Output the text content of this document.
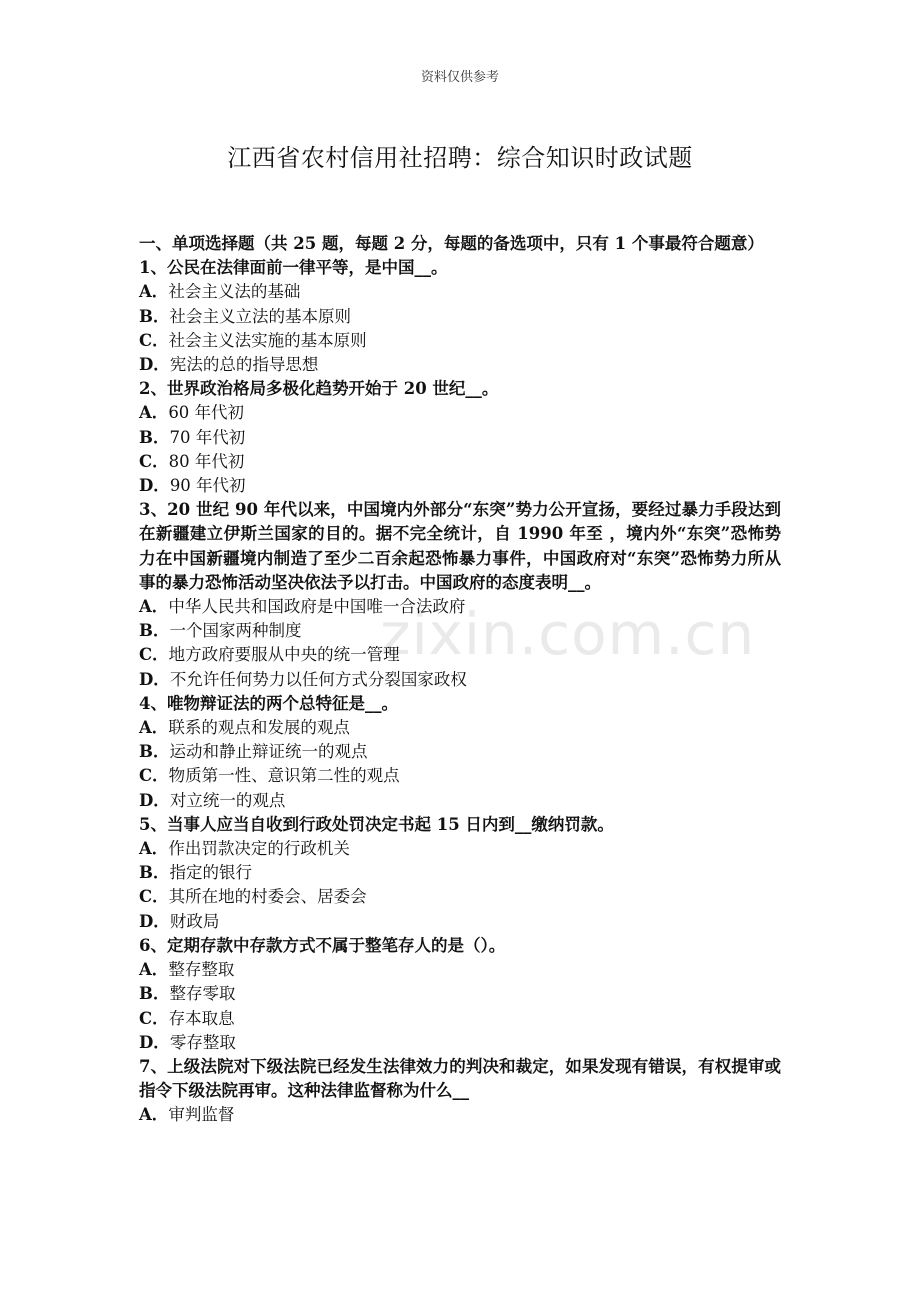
资料仅供参考
江西省农村信用社招聘：综合知识时政试题
zixin.com.cn
一、单项选择题（共 25 题，每题 2 分，每题的备选项中，只有 1 个事最符合题意）
1、公民在法律面前一律平等，是中国__。
A．社会主义法的基础
B．社会主义立法的基本原则
C．社会主义法实施的基本原则
D．宪法的总的指导思想
2、世界政治格局多极化趋势开始于 20 世纪__。
A．60 年代初
B．70 年代初
C．80 年代初
D．90 年代初
3、20 世纪 90 年代以来，中国境内外部分“东突”势力公开宣扬，要经过暴力手段达到在新疆建立伊斯兰国家的目的。据不完全统计，自 1990 年至 ，境内外“东突”恐怖势力在中国新疆境内制造了至少二百余起恐怖暴力事件，中国政府对“东突”恐怖势力所从事的暴力恐怖活动坚决依法予以打击。中国政府的态度表明__。
A．中华人民共和国政府是中国唯一合法政府
B．一个国家两种制度
C．地方政府要服从中央的统一管理
D．不允许任何势力以任何方式分裂国家政权
4、唯物辩证法的两个总特征是__。
A．联系的观点和发展的观点
B．运动和静止辩证统一的观点
C．物质第一性、意识第二性的观点
D．对立统一的观点
5、当事人应当自收到行政处罚决定书起 15 日内到__缴纳罚款。
A．作出罚款决定的行政机关
B．指定的银行
C．其所在地的村委会、居委会
D．财政局
6、定期存款中存款方式不属于整笔存人的是（）。
A．整存整取
B．整存零取
C．存本取息
D．零存整取
7、上级法院对下级法院已经发生法律效力的判决和裁定，如果发现有错误，有权提审或指令下级法院再审。这种法律监督称为什么__
A．审判监督
